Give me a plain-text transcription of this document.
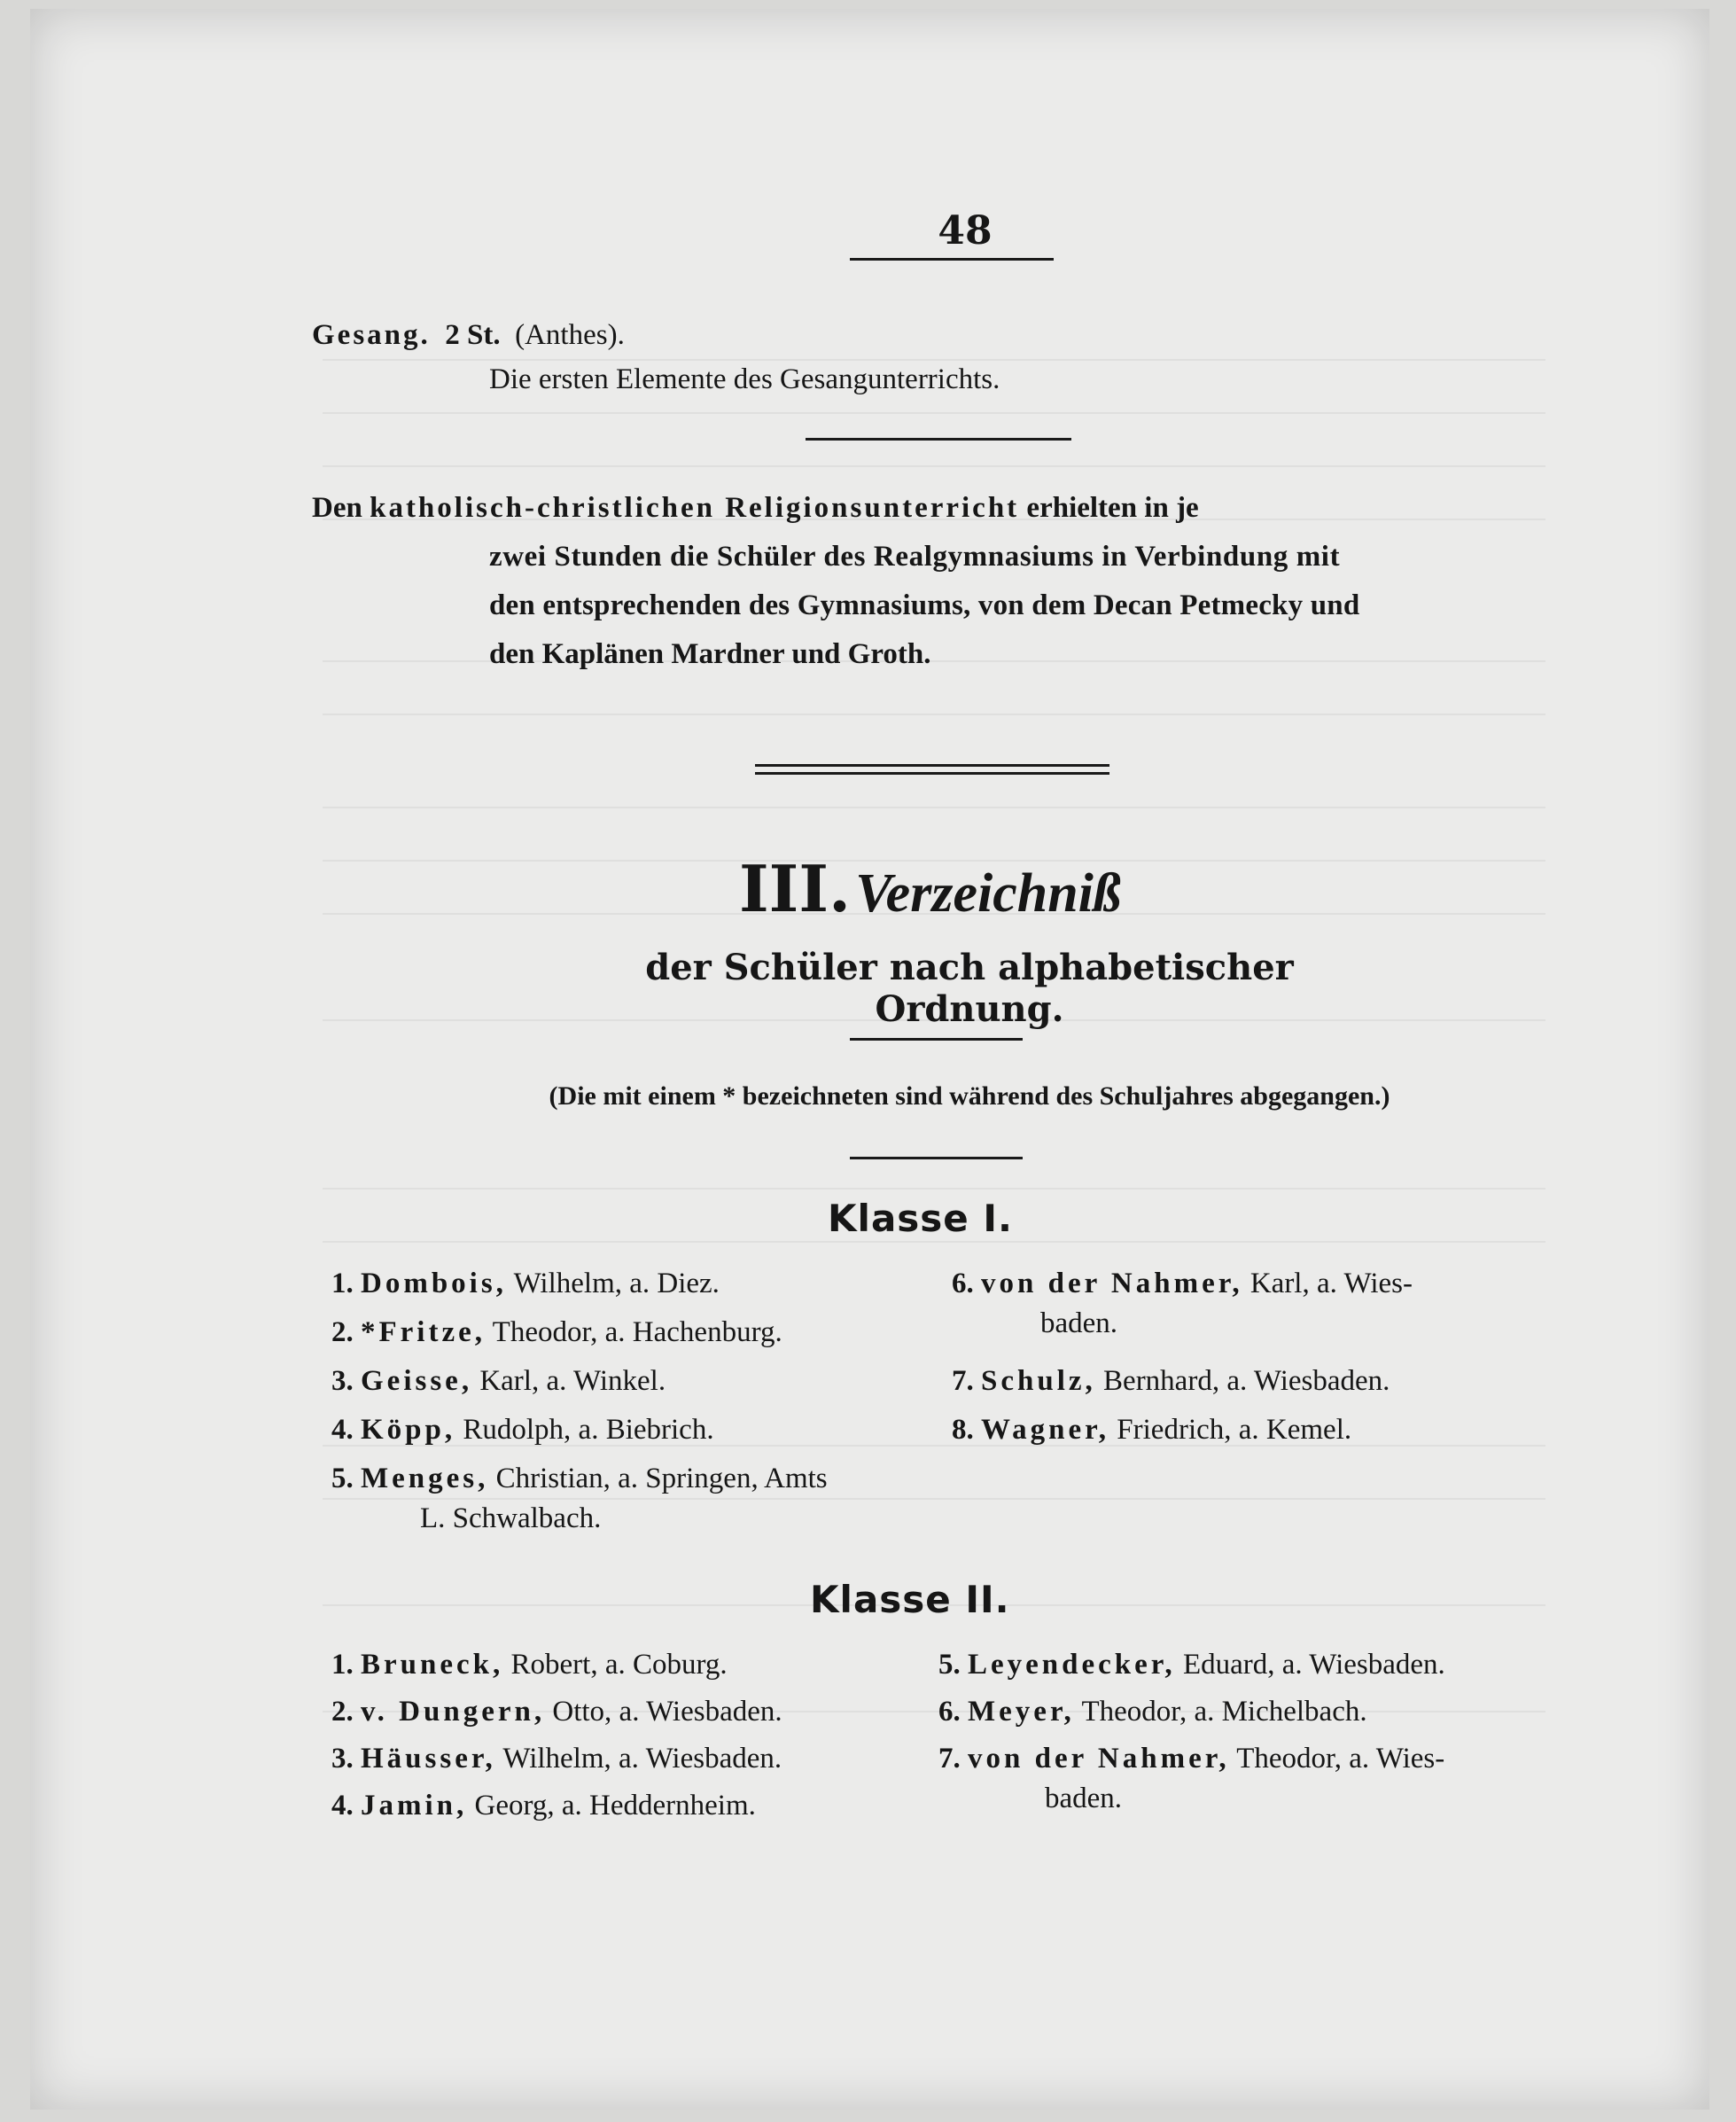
48
Gesang. 2 St. (Anthes).
Die ersten Elemente des Gesangunterrichts.
Den katholisch-christlichen Religionsunterricht erhielten in je
zwei Stunden die Schüler des Realgymnasiums in Verbindung mit
den entsprechenden des Gymnasiums, von dem Decan Petmecky und
den Kaplänen Mardner und Groth.
III. Verzeichniß
der Schüler nach alphabetischer Ordnung.
(Die mit einem * bezeichneten sind während des Schuljahres abgegangen.)
Klasse I.
1. Dombois, Wilhelm, a. Diez.
2. *Fritze, Theodor, a. Hachenburg.
3. Geisse, Karl, a. Winkel.
4. Köpp, Rudolph, a. Biebrich.
5. Menges, Christian, a. Springen, Amts
L. Schwalbach.
6. von der Nahmer, Karl, a. Wies-
baden.
7. Schulz, Bernhard, a. Wiesbaden.
8. Wagner, Friedrich, a. Kemel.
Klasse II.
1. Bruneck, Robert, a. Coburg.
2. v. Dungern, Otto, a. Wiesbaden.
3. Häusser, Wilhelm, a. Wiesbaden.
4. Jamin, Georg, a. Heddernheim.
5. Leyendecker, Eduard, a. Wiesbaden.
6. Meyer, Theodor, a. Michelbach.
7. von der Nahmer, Theodor, a. Wies-
baden.
